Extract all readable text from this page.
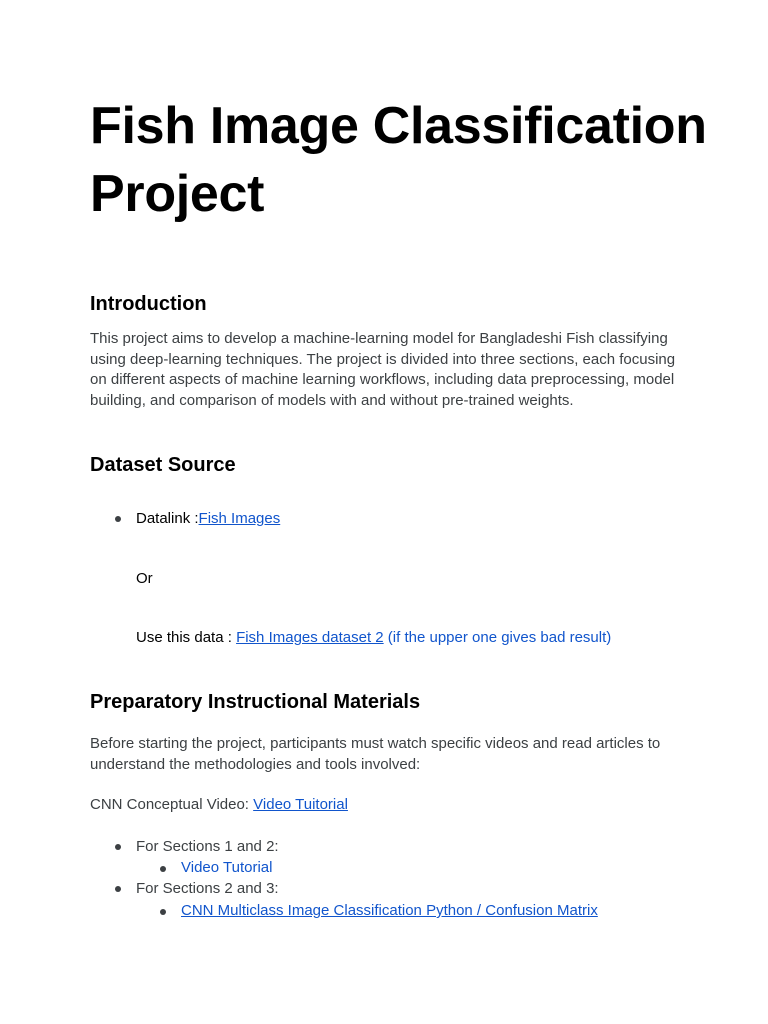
Fish Image Classification Project
Introduction

This project aims to develop a machine-learning model for Bangladeshi Fish classifying using deep-learning techniques. The project is divided into three sections, each focusing on different aspects of machine learning workflows, including data preprocessing, model building, and comparison of models with and without pre-trained weights.

Dataset Source

Datalink :Fish Images

Or

Use this data : Fish Images dataset 2 (if the upper one gives bad result)

Preparatory Instructional Materials

Before starting the project, participants must watch specific videos and read articles to understand the methodologies and tools involved:

CNN Conceptual Video: Video Tuitorial

For Sections 1 and 2:

Video Tutorial

For Sections 2 and 3:

CNN Multiclass Image Classification Python / Confusion Matrix
